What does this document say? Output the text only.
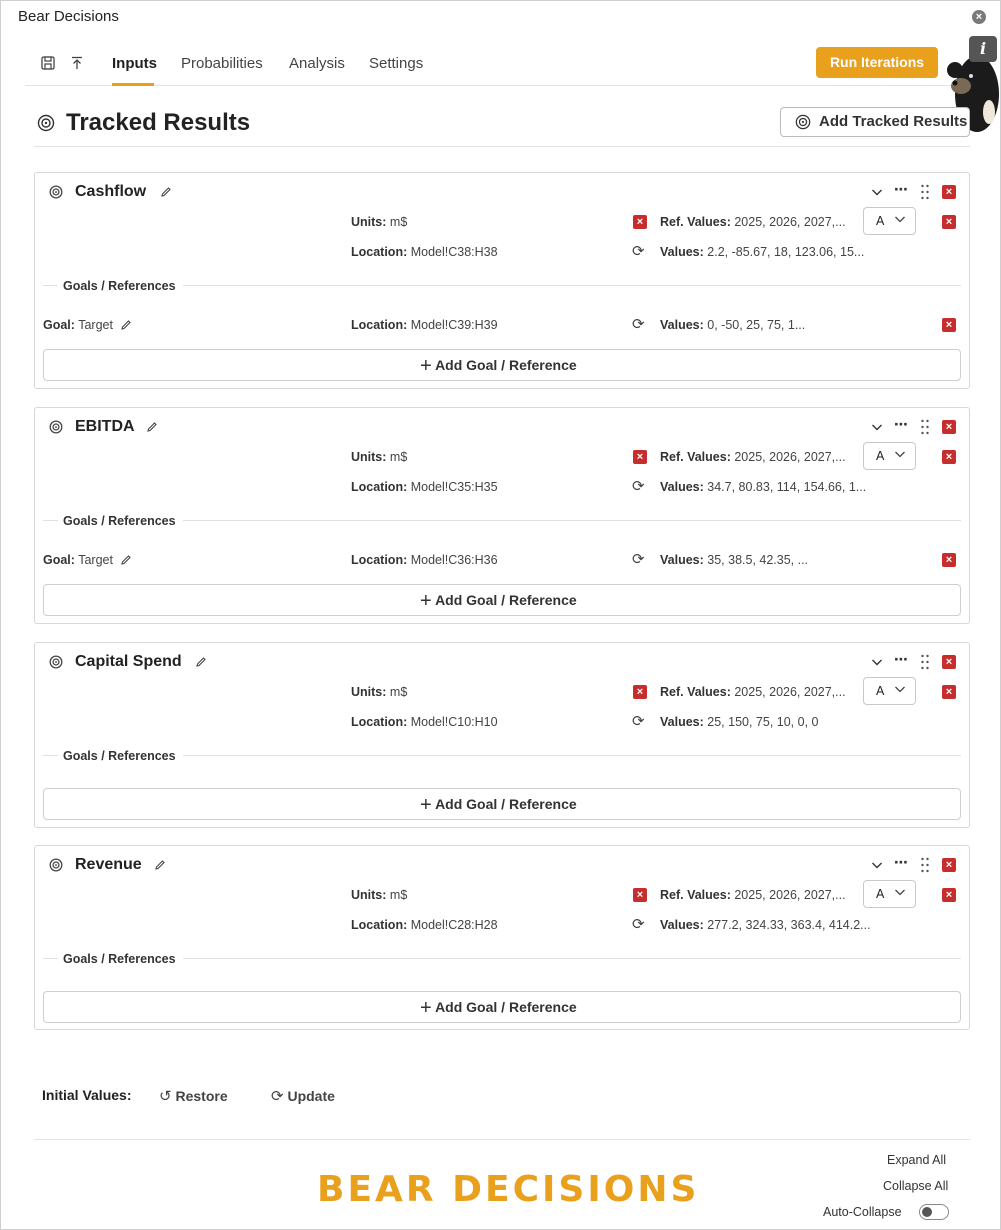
Bear Decisions	×
Inputs Probabilities Analysis Settings	Run Iterations
i
Tracked Results	Add Tracked Results
Cashflow	⋯	×
Units: m$	×	Ref. Values: 2025, 2026, 2027,... A	×
Location: Model!C38:H38	⟳ Values: 2.2, -85.67, 18, 123.06, 15...
Goals / References
Goal: Target	Location: Model!C39:H39	⟳ Values: 0, -50, 25, 75, 1...	×
+ Add Goal / Reference
EBITDA	⋯	×
Units: m$	×	Ref. Values: 2025, 2026, 2027,... A	×
Location: Model!C35:H35	⟳ Values: 34.7, 80.83, 114, 154.66, 1...
Goals / References
Goal: Target	Location: Model!C36:H36	⟳ Values: 35, 38.5, 42.35, ...	×
+ Add Goal / Reference
Capital Spend	⋯	×
Units: m$	×	Ref. Values: 2025, 2026, 2027,... A	×
Location: Model!C10:H10	⟳ Values: 25, 150, 75, 10, 0, 0
Goals / References
+ Add Goal / Reference
Revenue	⋯	×
Units: m$	×	Ref. Values: 2025, 2026, 2027,... A	×
Location: Model!C28:H28	⟳ Values: 277.2, 324.33, 363.4, 414.2...
Goals / References
+ Add Goal / Reference
Initial Values: ↺ Restore	⟳ Update
BEAR DECISIONS
Expand All
Collapse All
Auto-Collapse
